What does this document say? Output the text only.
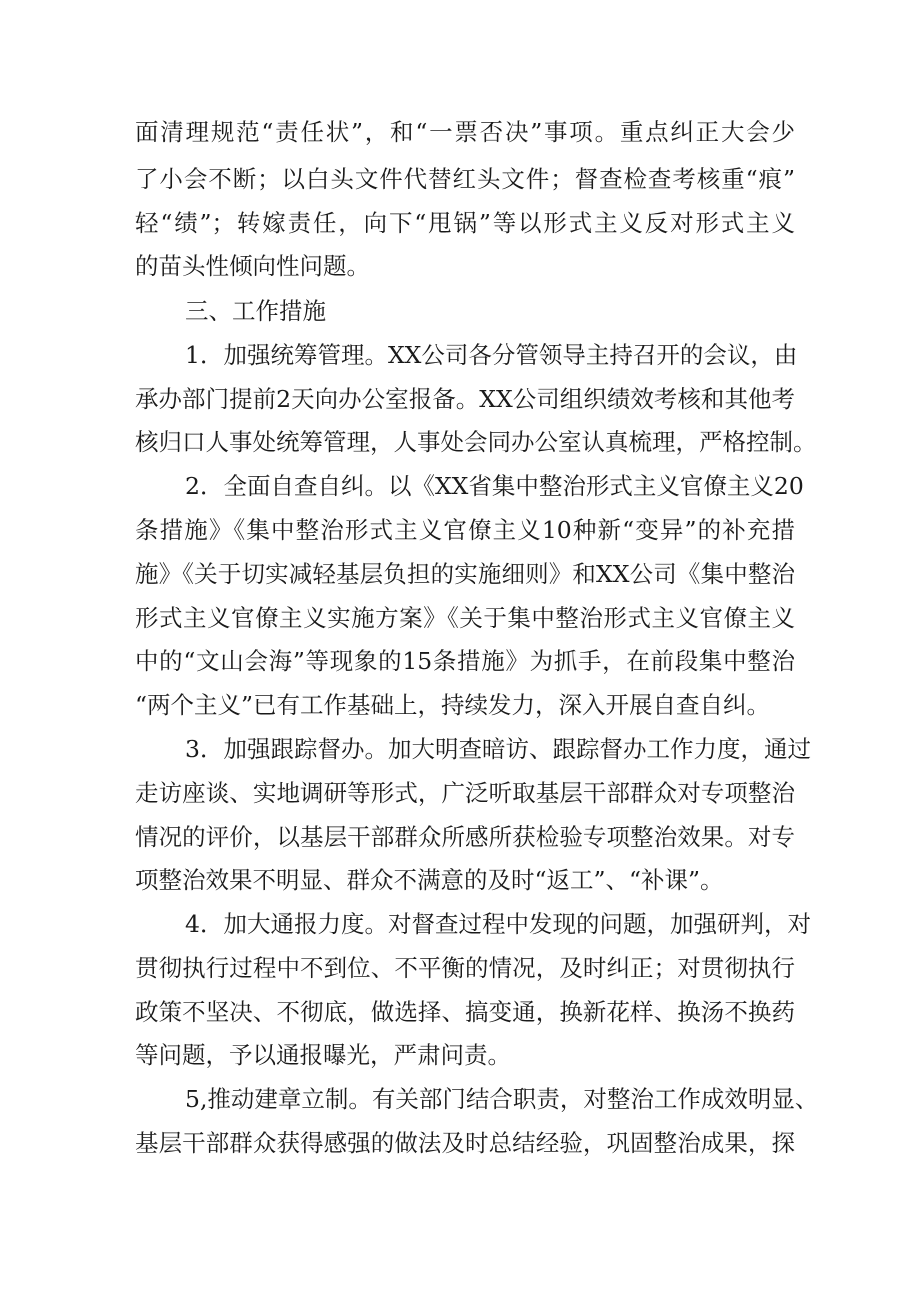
面清理规范“责任状”，和“一票否决”事项。重点纠正大会少
了小会不断；以白头文件代替红头文件；督查检查考核重“痕”
轻“绩”；转嫁责任，向下“甩锅”等以形式主义反对形式主义
的苗头性倾向性问题。
三、工作措施
1．加强统筹管理。XX公司各分管领导主持召开的会议，由
承办部门提前2天向办公室报备。XX公司组织绩效考核和其他考
核归口人事处统筹管理，人事处会同办公室认真梳理，严格控制。
2．全面自查自纠。以《XX省集中整治形式主义官僚主义20
条措施》《集中整治形式主义官僚主义10种新“变异”的补充措
施》《关于切实减轻基层负担的实施细则》和XX公司《集中整治
形式主义官僚主义实施方案》《关于集中整治形式主义官僚主义
中的“文山会海”等现象的15条措施》为抓手，在前段集中整治
“两个主义”已有工作基础上，持续发力，深入开展自查自纠。
3．加强跟踪督办。加大明查暗访、跟踪督办工作力度，通过
走访座谈、实地调研等形式，广泛听取基层干部群众对专项整治
情况的评价，以基层干部群众所感所获检验专项整治效果。对专
项整治效果不明显、群众不满意的及时“返工”、“补课”。
4．加大通报力度。对督查过程中发现的问题，加强研判，对
贯彻执行过程中不到位、不平衡的情况，及时纠正；对贯彻执行
政策不坚决、不彻底，做选择、搞变通，换新花样、换汤不换药
等问题，予以通报曝光，严肃问责。
5,推动建章立制。有关部门结合职责，对整治工作成效明显、
基层干部群众获得感强的做法及时总结经验，巩固整治成果，探
